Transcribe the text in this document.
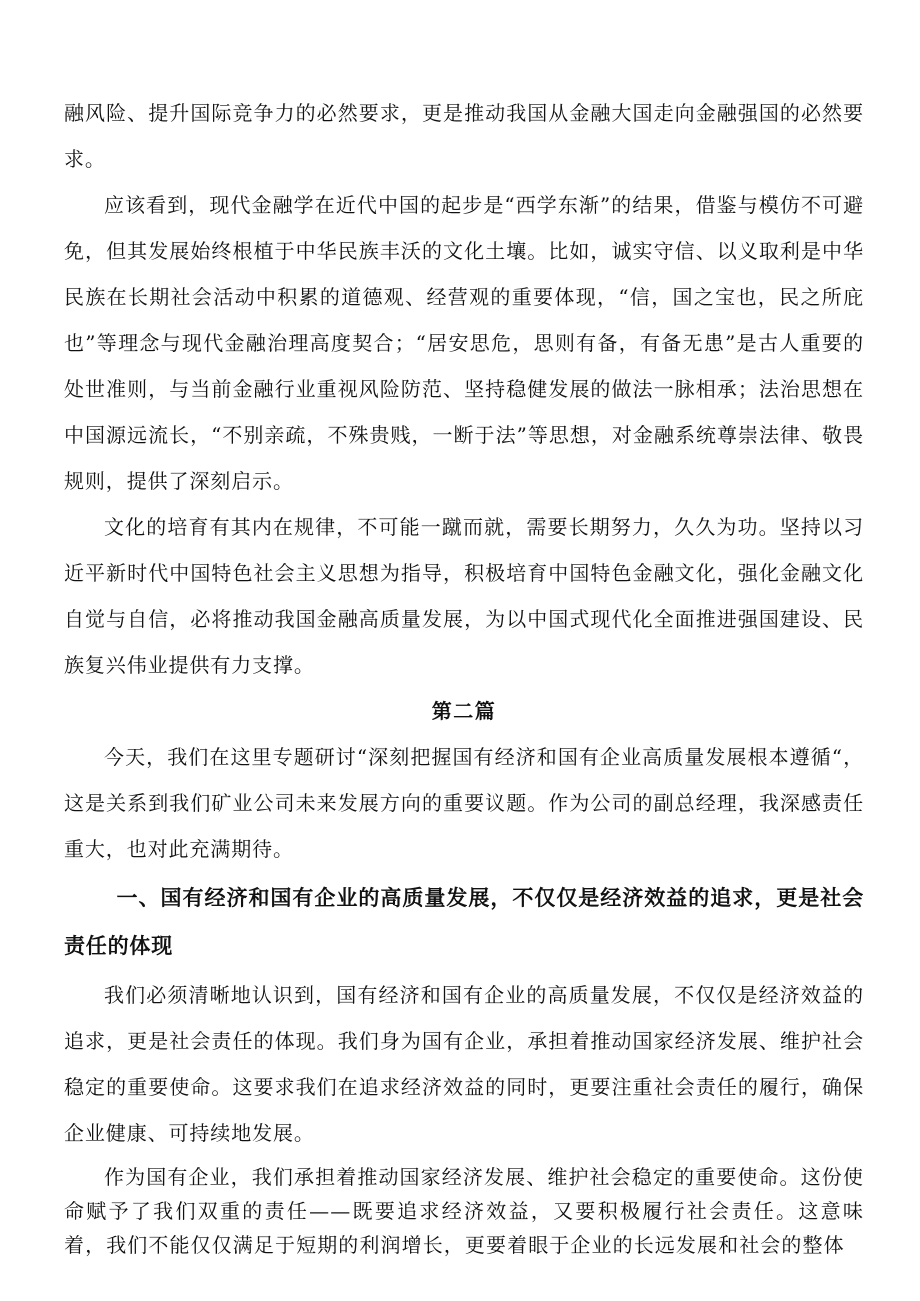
融风险、提升国际竞争力的必然要求，更是推动我国从金融大国走向金融强国的必然要求。

应该看到，现代金融学在近代中国的起步是“西学东渐”的结果，借鉴与模仿不可避免，但其发展始终根植于中华民族丰沃的文化土壤。比如，诚实守信、以义取利是中华民族在长期社会活动中积累的道德观、经营观的重要体现，“信，国之宝也，民之所庇也”等理念与现代金融治理高度契合；“居安思危，思则有备，有备无患”是古人重要的处世准则，与当前金融行业重视风险防范、坚持稳健发展的做法一脉相承；法治思想在中国源远流长，“不别亲疏，不殊贵贱，一断于法”等思想，对金融系统尊崇法律、敬畏规则，提供了深刻启示。

文化的培育有其内在规律，不可能一蹴而就，需要长期努力，久久为功。坚持以习近平新时代中国特色社会主义思想为指导，积极培育中国特色金融文化，强化金融文化自觉与自信，必将推动我国金融高质量发展，为以中国式现代化全面推进强国建设、民族复兴伟业提供有力支撑。

第二篇

今天，我们在这里专题研讨“深刻把握国有经济和国有企业高质量发展根本遵循“，这是关系到我们矿业公司未来发展方向的重要议题。作为公司的副总经理，我深感责任重大，也对此充满期待。

一、国有经济和国有企业的高质量发展，不仅仅是经济效益的追求，更是社会责任的体现

我们必须清晰地认识到，国有经济和国有企业的高质量发展，不仅仅是经济效益的追求，更是社会责任的体现。我们身为国有企业，承担着推动国家经济发展、维护社会稳定的重要使命。这要求我们在追求经济效益的同时，更要注重社会责任的履行，确保企业健康、可持续地发展。

作为国有企业，我们承担着推动国家经济发展、维护社会稳定的重要使命。这份使命赋予了我们双重的责任——既要追求经济效益，又要积极履行社会责任。这意味着，我们不能仅仅满足于短期的利润增长，更要着眼于企业的长远发展和社会的整体
